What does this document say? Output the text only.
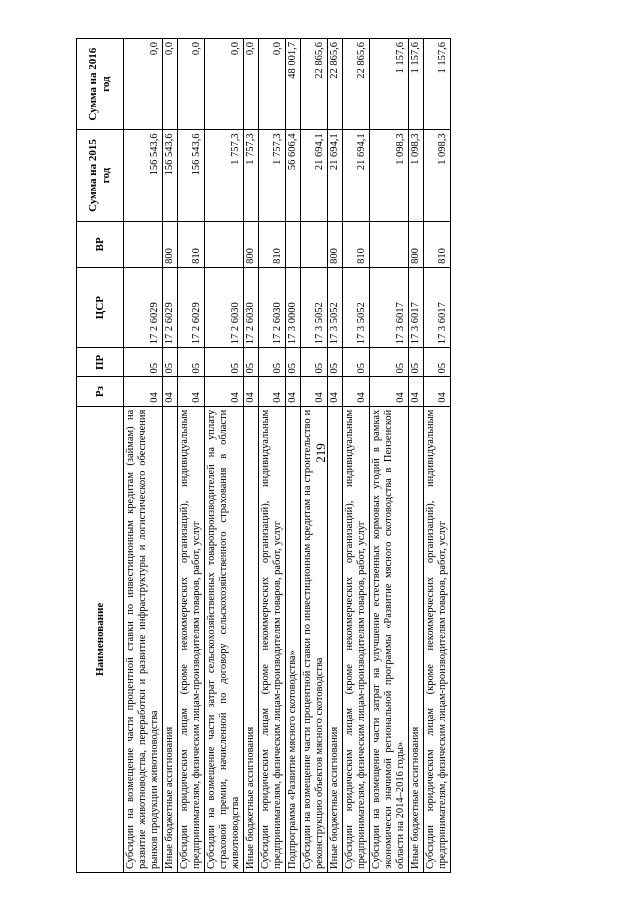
219
Наименование	Рз	ПР	ЦСР	ВР	Сумма на 2015 год	Сумма на 2016 год
Субсидии на возмещение части процентной ставки по инвестиционным кредитам (займам) на развитие животноводства, переработки и развитие инфраструктуры и логистического обеспечения рынков продукции животноводства	04	05	17 2 6029		156 543,6	0,0
Иные бюджетные ассигнования	04	05	17 2 6029	800	156 543,6	0,0
Субсидии юридическим лицам (кроме некоммерческих организаций), индивидуальным предпринимателям, физическим лицам-производителям товаров, работ, услуг	04	05	17 2 6029	810	156 543,6	0,0
Субсидии на возмещение части затрат сельскохозяйственных товаропроизводителей на уплату страховой премии, начисленной по договору сельскохозяйственного страхования в области животноводства	04	05	17 2 6030		1 757,3	0,0
Иные бюджетные ассигнования	04	05	17 2 6030	800	1 757,3	0,0
Субсидии юридическим лицам (кроме некоммерческих организаций), индивидуальным предпринимателям, физическим лицам-производителям товаров, работ, услуг	04	05	17 2 6030	810	1 757,3	0,0
Подпрограмма «Развитие мясного скотоводства»	04	05	17 3 0000		56 606,4	48 001,7
Субсидии на возмещение части процентной ставки по инвестиционным кредитам на строительство и реконструкцию объектов мясного скотоводства	04	05	17 3 5052		21 694,1	22 865,6
Иные бюджетные ассигнования	04	05	17 3 5052	800	21 694,1	22 865,6
Субсидии юридическим лицам (кроме некоммерческих организаций), индивидуальным предпринимателям, физическим лицам-производителям товаров, работ, услуг	04	05	17 3 5052	810	21 694,1	22 865,6
Субсидии на возмещение части затрат на улучшение естественных кормовых угодий в рамках экономически значимой региональной программы «Развитие мясного скотоводства в Пензенской области на 2014–2016 годы»	04	05	17 3 6017		1 098,3	1 157,6
Иные бюджетные ассигнования	04	05	17 3 6017	800	1 098,3	1 157,6
Субсидии юридическим лицам (кроме некоммерческих организаций), индивидуальным предпринимателям, физическим лицам-производителям товаров, работ, услуг	04	05	17 3 6017	810	1 098,3	1 157,6
